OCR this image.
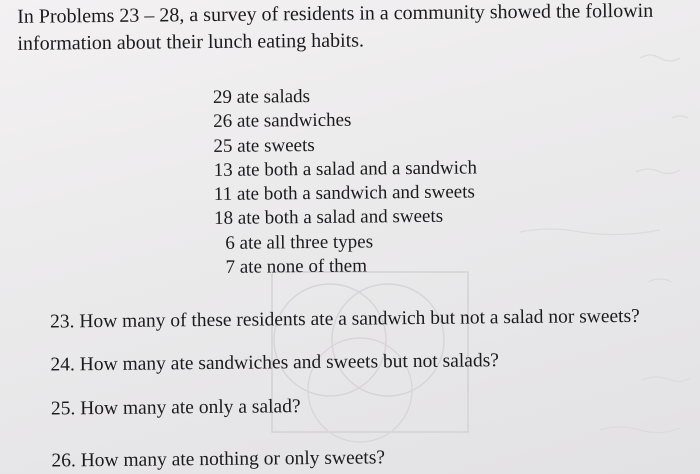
In Problems 23 – 28, a survey of residents in a community showed the followin
information about their lunch eating habits.
29 ate salads
26 ate sandwiches
25 ate sweets
13 ate both a salad and a sandwich
11 ate both a sandwich and sweets
18 ate both a salad and sweets
6 ate all three types
7 ate none of them
23. How many of these residents ate a sandwich but not a salad nor sweets?
24. How many ate sandwiches and sweets but not salads?
25. How many ate only a salad?
26. How many ate nothing or only sweets?
